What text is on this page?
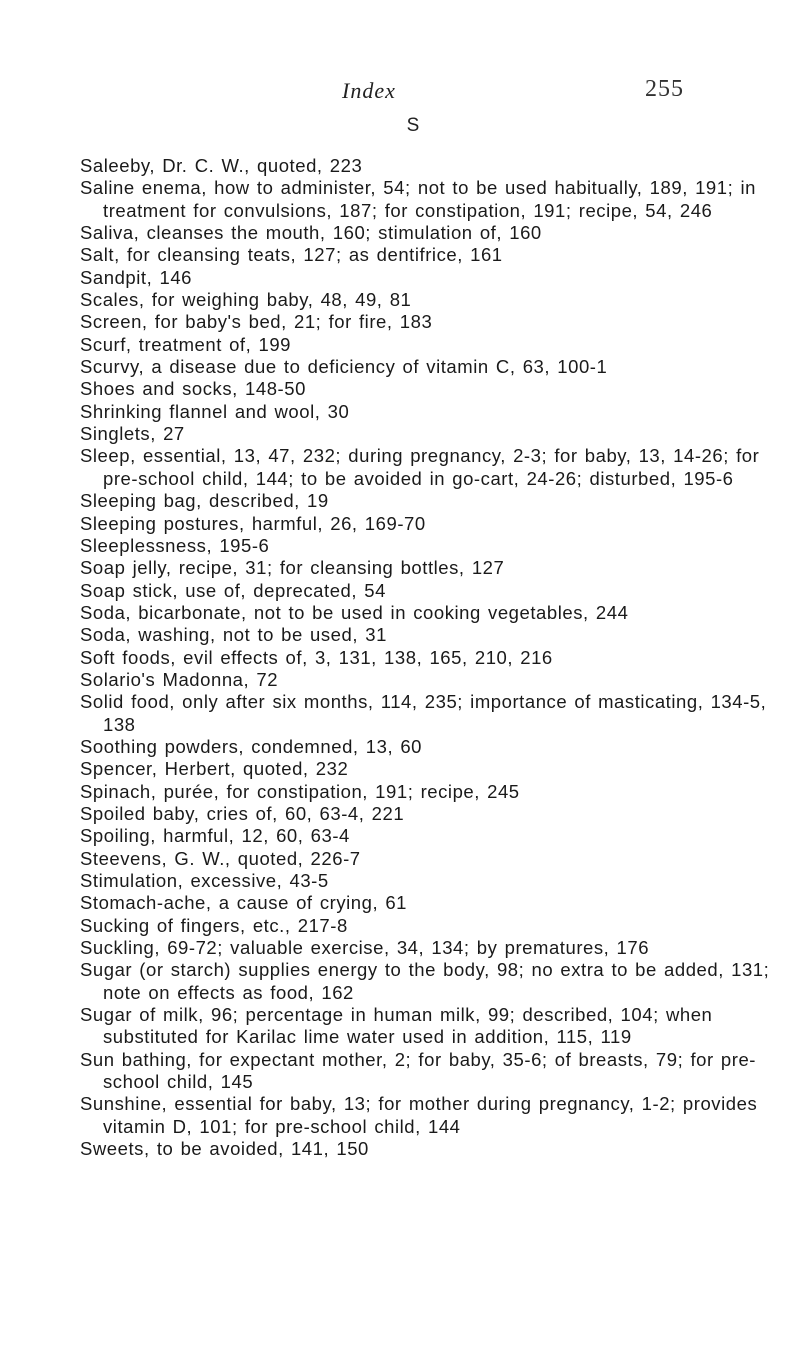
Index	255
S
Saleeby, Dr. C. W., quoted, 223
Saline enema, how to administer, 54; not to be used habitually, 189, 191; in treatment for convulsions, 187; for constipation, 191; recipe, 54, 246
Saliva, cleanses the mouth, 160; stimulation of, 160
Salt, for cleansing teats, 127; as dentifrice, 161
Sandpit, 146
Scales, for weighing baby, 48, 49, 81
Screen, for baby's bed, 21; for fire, 183
Scurf, treatment of, 199
Scurvy, a disease due to deficiency of vitamin C, 63, 100-1
Shoes and socks, 148-50
Shrinking flannel and wool, 30
Singlets, 27
Sleep, essential, 13, 47, 232; during pregnancy, 2-3; for baby, 13, 14-26; for pre-school child, 144; to be avoided in go-cart, 24-26; disturbed, 195-6
Sleeping bag, described, 19
Sleeping postures, harmful, 26, 169-70
Sleeplessness, 195-6
Soap jelly, recipe, 31; for cleansing bottles, 127
Soap stick, use of, deprecated, 54
Soda, bicarbonate, not to be used in cooking vegetables, 244
Soda, washing, not to be used, 31
Soft foods, evil effects of, 3, 131, 138, 165, 210, 216
Solario's Madonna, 72
Solid food, only after six months, 114, 235; importance of masticating, 134-5, 138
Soothing powders, condemned, 13, 60
Spencer, Herbert, quoted, 232
Spinach, purée, for constipation, 191; recipe, 245
Spoiled baby, cries of, 60, 63-4, 221
Spoiling, harmful, 12, 60, 63-4
Steevens, G. W., quoted, 226-7
Stimulation, excessive, 43-5
Stomach-ache, a cause of crying, 61
Sucking of fingers, etc., 217-8
Suckling, 69-72; valuable exercise, 34, 134; by prematures, 176
Sugar (or starch) supplies energy to the body, 98; no extra to be added, 131; note on effects as food, 162
Sugar of milk, 96; percentage in human milk, 99; described, 104; when substituted for Karilac lime water used in addition, 115, 119
Sun bathing, for expectant mother, 2; for baby, 35-6; of breasts, 79; for pre-school child, 145
Sunshine, essential for baby, 13; for mother during pregnancy, 1-2; provides vitamin D, 101; for pre-school child, 144
Sweets, to be avoided, 141, 150
